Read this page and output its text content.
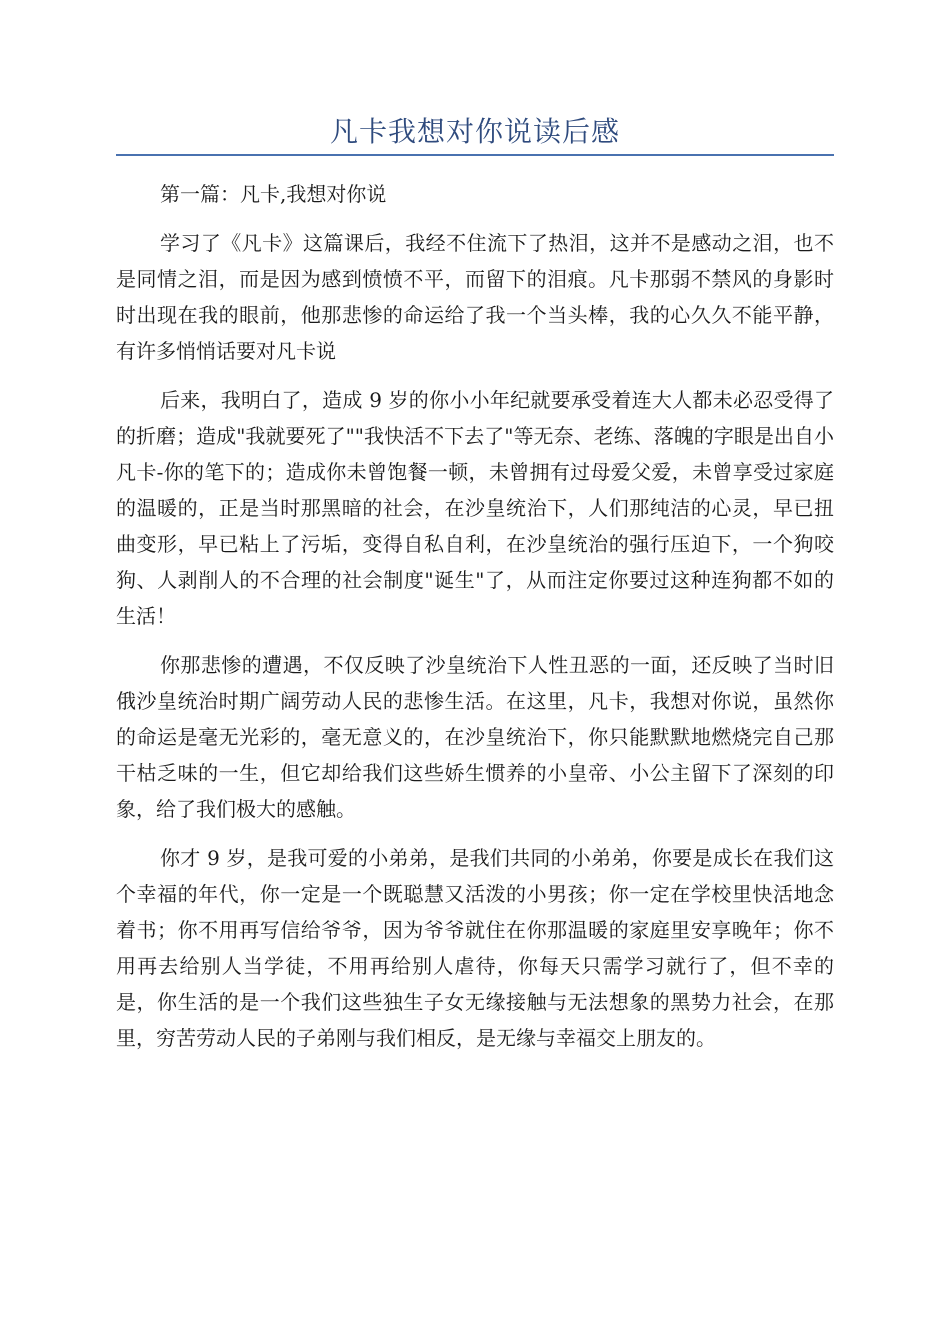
凡卡我想对你说读后感

第一篇：凡卡,我想对你说

学习了《凡卡》这篇课后，我经不住流下了热泪，这并不是感动之泪，也不是同情之泪，而是因为感到愤愤不平，而留下的泪痕。凡卡那弱不禁风的身影时时出现在我的眼前，他那悲惨的命运给了我一个当头棒，我的心久久不能平静，有许多悄悄话要对凡卡说

后来，我明白了，造成 9 岁的你小小年纪就要承受着连大人都未必忍受得了的折磨；造成"我就要死了""我快活不下去了"等无奈、老练、落魄的字眼是出自小凡卡-你的笔下的；造成你未曾饱餐一顿，未曾拥有过母爱父爱，未曾享受过家庭的温暖的，正是当时那黑暗的社会，在沙皇统治下，人们那纯洁的心灵，早已扭曲变形，早已粘上了污垢，变得自私自利，在沙皇统治的强行压迫下，一个狗咬狗、人剥削人的不合理的社会制度"诞生"了，从而注定你要过这种连狗都不如的生活！

你那悲惨的遭遇，不仅反映了沙皇统治下人性丑恶的一面，还反映了当时旧俄沙皇统治时期广阔劳动人民的悲惨生活。在这里，凡卡，我想对你说，虽然你的命运是毫无光彩的，毫无意义的，在沙皇统治下，你只能默默地燃烧完自己那干枯乏味的一生，但它却给我们这些娇生惯养的小皇帝、小公主留下了深刻的印象，给了我们极大的感触。

你才 9 岁，是我可爱的小弟弟，是我们共同的小弟弟，你要是成长在我们这个幸福的年代，你一定是一个既聪慧又活泼的小男孩；你一定在学校里快活地念着书；你不用再写信给爷爷，因为爷爷就住在你那温暖的家庭里安享晚年；你不用再去给别人当学徒，不用再给别人虐待，你每天只需学习就行了，但不幸的是，你生活的是一个我们这些独生子女无缘接触与无法想象的黑势力社会，在那里，穷苦劳动人民的子弟刚与我们相反，是无缘与幸福交上朋友的。
